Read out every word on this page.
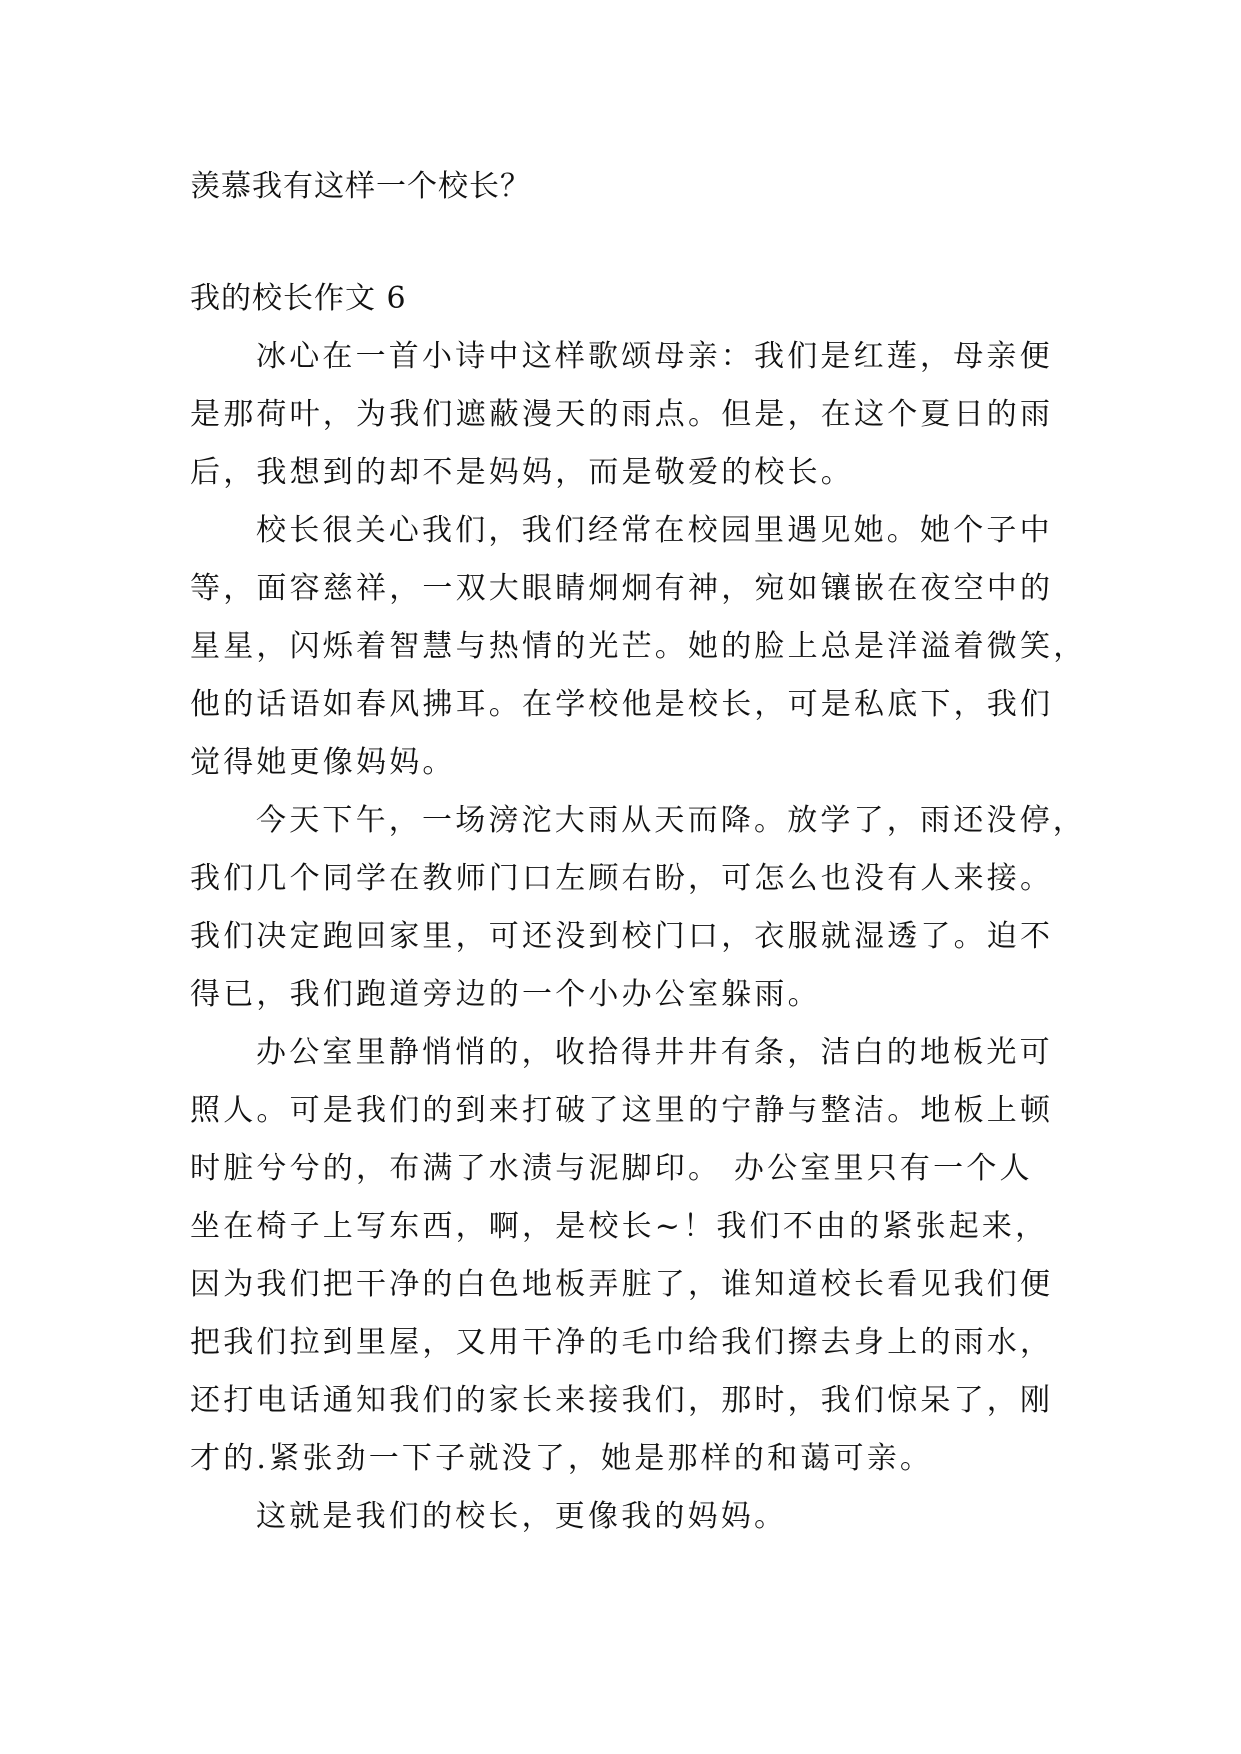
羡慕我有这样一个校长？
我的校长作文 6

冰心在一首小诗中这样歌颂母亲：我们是红莲，母亲便
是那荷叶，为我们遮蔽漫天的雨点。但是，在这个夏日的雨
后，我想到的却不是妈妈，而是敬爱的校长。

校长很关心我们，我们经常在校园里遇见她。她个子中
等，面容慈祥，一双大眼睛炯炯有神，宛如镶嵌在夜空中的
星星，闪烁着智慧与热情的光芒。她的脸上总是洋溢着微笑，
他的话语如春风拂耳。在学校他是校长，可是私底下，我们
觉得她更像妈妈。

今天下午，一场滂沱大雨从天而降。放学了，雨还没停，
我们几个同学在教师门口左顾右盼，可怎么也没有人来接。
我们决定跑回家里，可还没到校门口，衣服就湿透了。迫不
得已，我们跑道旁边的一个小办公室躲雨。

办公室里静悄悄的，收拾得井井有条，洁白的地板光可
照人。可是我们的到来打破了这里的宁静与整洁。地板上顿
时脏兮兮的，布满了水渍与泥脚印。 办公室里只有一个人
坐在椅子上写东西，啊，是校长~！我们不由的紧张起来，
因为我们把干净的白色地板弄脏了，谁知道校长看见我们便
把我们拉到里屋，又用干净的毛巾给我们擦去身上的雨水，
还打电话通知我们的家长来接我们，那时，我们惊呆了，刚
才的.紧张劲一下子就没了，她是那样的和蔼可亲。

这就是我们的校长，更像我的妈妈。
